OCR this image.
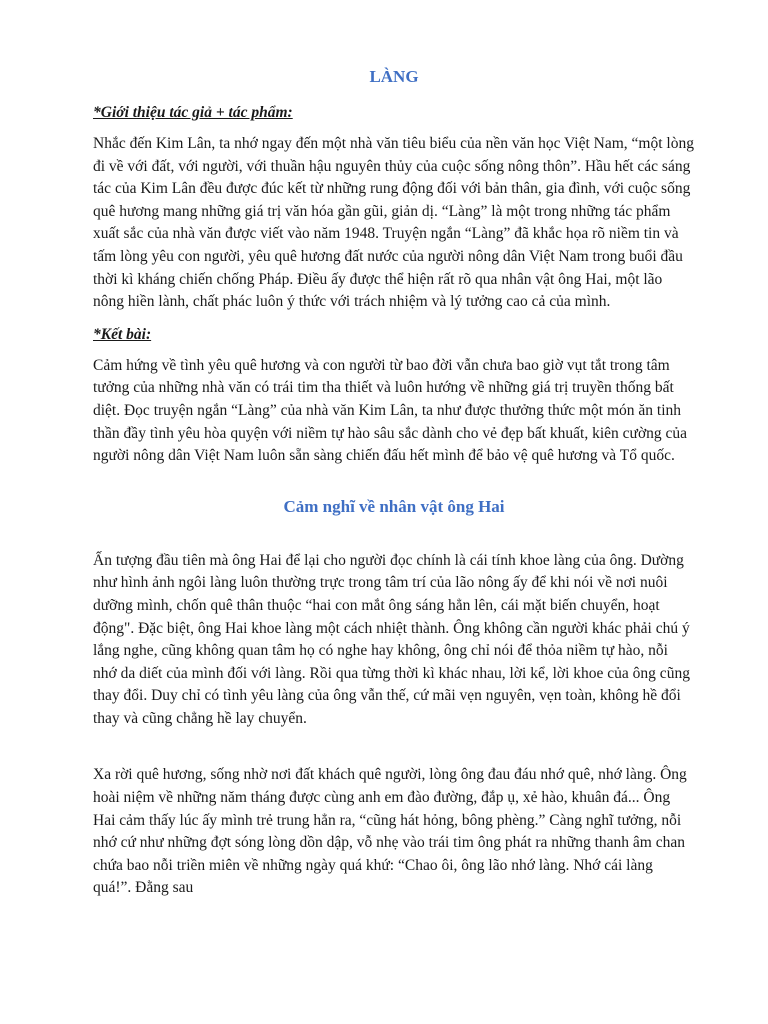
LÀNG
*Giới thiệu tác giả + tác phẩm:

Nhắc đến Kim Lân, ta nhớ ngay đến một nhà văn tiêu biểu của nền văn học Việt Nam, “một lòng đi về với đất, với người, với thuần hậu nguyên thủy của cuộc sống nông thôn”. Hầu hết các sáng tác của Kim Lân đều được đúc kết từ những rung động đối với bản thân, gia đình, với cuộc sống quê hương mang những giá trị văn hóa gần gũi, giản dị. “Làng” là một trong những tác phẩm xuất sắc của nhà văn được viết vào năm 1948. Truyện ngắn “Làng” đã khắc họa rõ niềm tin và tấm lòng yêu con người, yêu quê hương đất nước của người nông dân Việt Nam trong buổi đầu thời kì kháng chiến chống Pháp. Điều ấy được thể hiện rất rõ qua nhân vật ông Hai, một lão nông hiền lành, chất phác luôn ý thức với trách nhiệm và lý tưởng cao cả của mình.

*Kết bài:

Cảm hứng về tình yêu quê hương và con người từ bao đời vẫn chưa bao giờ vụt tắt trong tâm tưởng của những nhà văn có trái tim tha thiết và luôn hướng về những giá trị truyền thống bất diệt. Đọc truyện ngắn “Làng” của nhà văn Kim Lân, ta như được thưởng thức một món ăn tinh thần đầy tình yêu hòa quyện với niềm tự hào sâu sắc dành cho vẻ đẹp bất khuất, kiên cường của người nông dân Việt Nam luôn sẵn sàng chiến đấu hết mình để bảo vệ quê hương và Tổ quốc.

Cảm nghĩ về nhân vật ông Hai

Ấn tượng đầu tiên mà ông Hai để lại cho người đọc chính là cái tính khoe làng của ông. Dường như hình ảnh ngôi làng luôn thường trực trong tâm trí của lão nông ấy để khi nói về nơi nuôi dưỡng mình, chốn quê thân thuộc “hai con mắt ông sáng hẳn lên, cái mặt biến chuyển, hoạt động". Đặc biệt, ông Hai khoe làng một cách nhiệt thành. Ông không cần người khác phải chú ý lắng nghe, cũng không quan tâm họ có nghe hay không, ông chỉ nói để thỏa niềm tự hào, nỗi nhớ da diết của mình đối với làng. Rồi qua từng thời kì khác nhau, lời kể, lời khoe của ông cũng thay đổi. Duy chỉ có tình yêu làng của ông vẫn thế, cứ mãi vẹn nguyên, vẹn toàn, không hề đổi thay và cũng chẳng hề lay chuyển.

Xa rời quê hương, sống nhờ nơi đất khách quê người, lòng ông đau đáu nhớ quê, nhớ làng. Ông hoài niệm về những năm tháng được cùng anh em đào đường, đắp ụ, xẻ hào, khuân đá... Ông Hai cảm thấy lúc ấy mình trẻ trung hẳn ra, “cũng hát hỏng, bông phèng.” Càng nghĩ tưởng, nỗi nhớ cứ như những đợt sóng lòng dồn dập, vỗ nhẹ vào trái tim ông phát ra những thanh âm chan chứa bao nỗi triền miên về những ngày quá khứ: “Chao ôi, ông lão nhớ làng. Nhớ cái làng quá!”. Đằng sau
